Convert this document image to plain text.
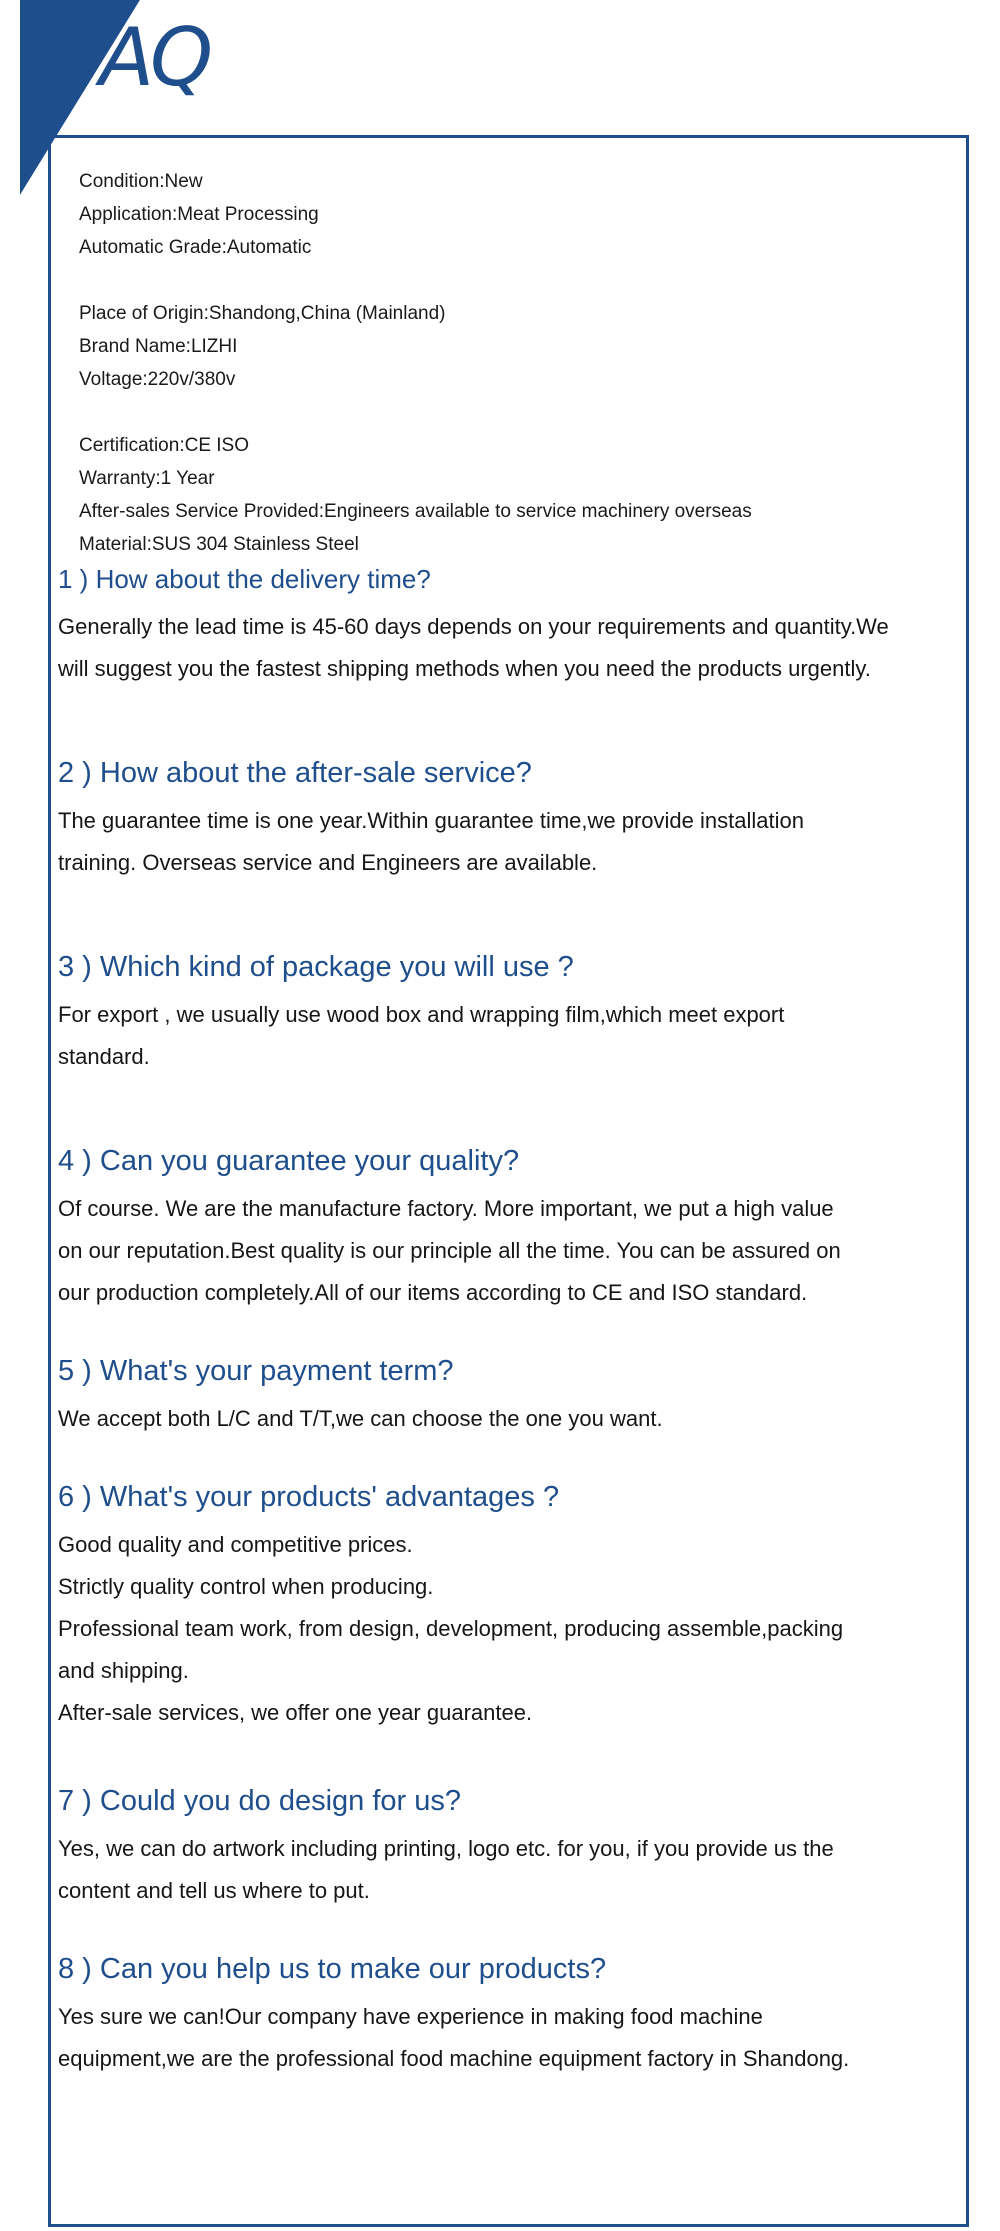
FAQ
Condition:New
Application:Meat Processing
Automatic Grade:Automatic
Place of Origin:Shandong,China (Mainland)
Brand Name:LIZHI
Voltage:220v/380v
Certification:CE ISO
Warranty:1 Year
After-sales Service Provided:Engineers available to service machinery overseas
Material:SUS 304 Stainless Steel
1 ) How about the delivery time?
Generally the lead time is 45-60 days depends on your requirements and quantity.We
will suggest you the fastest shipping methods when you need the products urgently.
2 ) How about the after-sale service?
The guarantee time is one year.Within guarantee time,we provide installation
training. Overseas service and Engineers are available.
3 ) Which kind of package you will use ?
For export , we usually use wood box and wrapping film,which meet export
standard.
4 ) Can you guarantee your quality?
Of course. We are the manufacture factory. More important, we put a high value
on our reputation.Best quality is our principle all the time. You can be assured on
our production completely.All of our items according to CE and ISO standard.
5 ) What's your payment term?
We accept both L/C and T/T,we can choose the one you want.
6 ) What's your products' advantages ?
Good quality and competitive prices.
Strictly quality control when producing.
Professional team work, from design, development, producing assemble,packing
and shipping.
After-sale services, we offer one year guarantee.
7 ) Could you do design for us?
Yes, we can do artwork including printing, logo etc. for you, if you provide us the
content and tell us where to put.
8 ) Can you help us to make our products?
Yes sure we can!Our company have experience in making food machine
equipment,we are the professional food machine equipment factory in Shandong.
